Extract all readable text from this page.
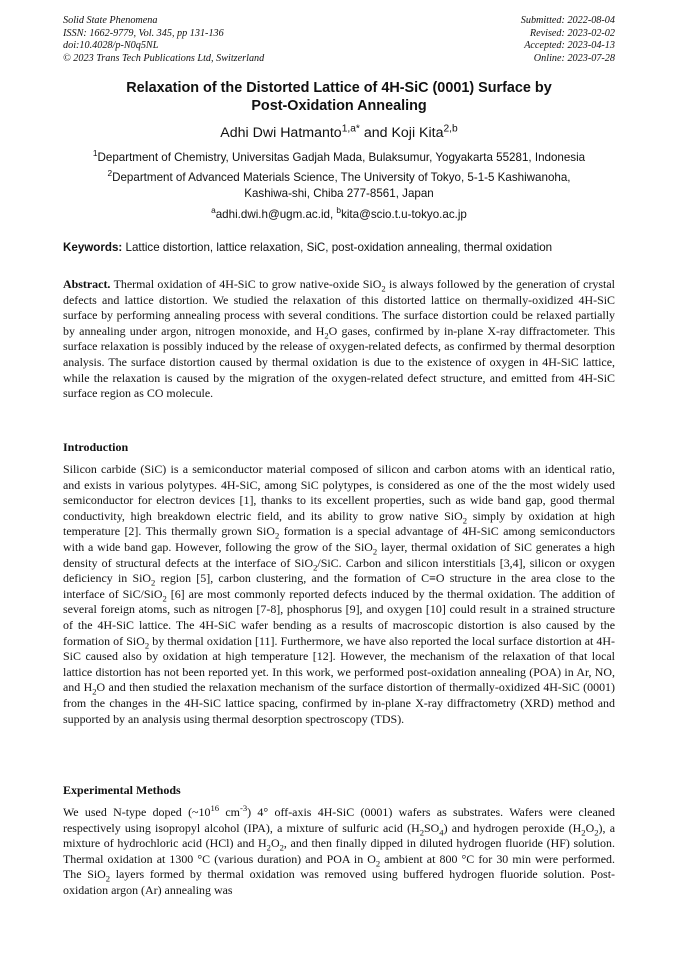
Solid State Phenomena
ISSN: 1662-9779, Vol. 345, pp 131-136
doi:10.4028/p-N0q5NL
© 2023 Trans Tech Publications Ltd, Switzerland
Submitted: 2022-08-04
Revised: 2023-02-02
Accepted: 2023-04-13
Online: 2023-07-28
Relaxation of the Distorted Lattice of 4H-SiC (0001) Surface by
Post-Oxidation Annealing
Adhi Dwi Hatmanto$^{1,a*}$ and Koji Kita$^{2,b}$
$^1$Department of Chemistry, Universitas Gadjah Mada, Bulaksumur, Yogyakarta 55281, Indonesia
$^2$Department of Advanced Materials Science, The University of Tokyo, 5-1-5 Kashiwanoha,
Kashiwa-shi, Chiba 277-8561, Japan
$^a$adhi.dwi.h@ugm.ac.id, $^b$kita@scio.t.u-tokyo.ac.jp
Keywords: Lattice distortion, lattice relaxation, SiC, post-oxidation annealing, thermal oxidation
Abstract. Thermal oxidation of 4H-SiC to grow native-oxide SiO$_2$ is always followed by the generation of crystal defects and lattice distortion. We studied the relaxation of this distorted lattice on thermally-oxidized 4H-SiC surface by performing annealing process with several conditions. The surface distortion could be relaxed partially by annealing under argon, nitrogen monoxide, and $H_2O$ gases, confirmed by in-plane X-ray diffractometer. This surface relaxation is possibly induced by the release of oxygen-related defects, as confirmed by thermal desorption analysis. The surface distortion caused by thermal oxidation is due to the existence of oxygen in 4H-SiC lattice, while the relaxation is caused by the migration of the oxygen-related defect structure, and emitted from 4H-SiC surface region as CO molecule.
Introduction
Silicon carbide (SiC) is a semiconductor material composed of silicon and carbon atoms with an identical ratio, and exists in various polytypes. 4H-SiC, among SiC polytypes, is considered as one of the the most widely used semiconductor for electron devices [1], thanks to its excellent properties, such as wide band gap, good thermal conductivity, high breakdown electric field, and its ability to grow native SiO$_2$ simply by oxidation at high temperature [2]. This thermally grown SiO$_2$ formation is a special advantage of 4H-SiC among semiconductors with a wide band gap. However, following the grow of the SiO$_2$ layer, thermal oxidation of SiC generates a high density of structural defects at the interface of SiO$_2$/SiC. Carbon and silicon interstitials [3,4], silicon or oxygen deficiency in SiO$_2$ region [5], carbon clustering, and the formation of C≡O structure in the area close to the interface of SiC/SiO$_2$ [6] are most commonly reported defects induced by the thermal oxidation. The addition of several foreign atoms, such as nitrogen [7-8], phosphorus [9], and oxygen [10] could result in a strained structure of the 4H-SiC lattice. The 4H-SiC wafer bending as a results of macroscopic distortion is also caused by the formation of SiO$_2$ by thermal oxidation [11]. Furthermore, we have also reported the local surface distortion at 4H-SiC caused also by oxidation at high temperature [12]. However, the mechanism of the relaxation of that local lattice distortion has not been reported yet. In this work, we performed post-oxidation annealing (POA) in Ar, NO, and $H_2O$ and then studied the relaxation mechanism of the surface distortion of thermally-oxidized 4H-SiC (0001) from the changes in the 4H-SiC lattice spacing, confirmed by in-plane X-ray diffractometry (XRD) method and supported by an analysis using thermal desorption spectroscopy (TDS).
Experimental Methods
We used N-type doped ($\sim 10^{16}$ $cm^{-3}$) 4° off-axis 4H-SiC (0001) wafers as substrates. Wafers were cleaned respectively using isopropyl alcohol (IPA), a mixture of sulfuric acid $(H_2SO_4)$ and hydrogen peroxide $(H_2O_2)$, a mixture of hydrochloric acid (HCl) and $H_2O_2$, and then finally dipped in diluted hydrogen fluoride (HF) solution. Thermal oxidation at 1300 °C (various duration) and POA in $O_2$ ambient at 800 °C for 30 min were performed. The SiO$_2$ layers formed by thermal oxidation was removed using buffered hydrogen fluoride solution. Post-oxidation argon (Ar) annealing was
